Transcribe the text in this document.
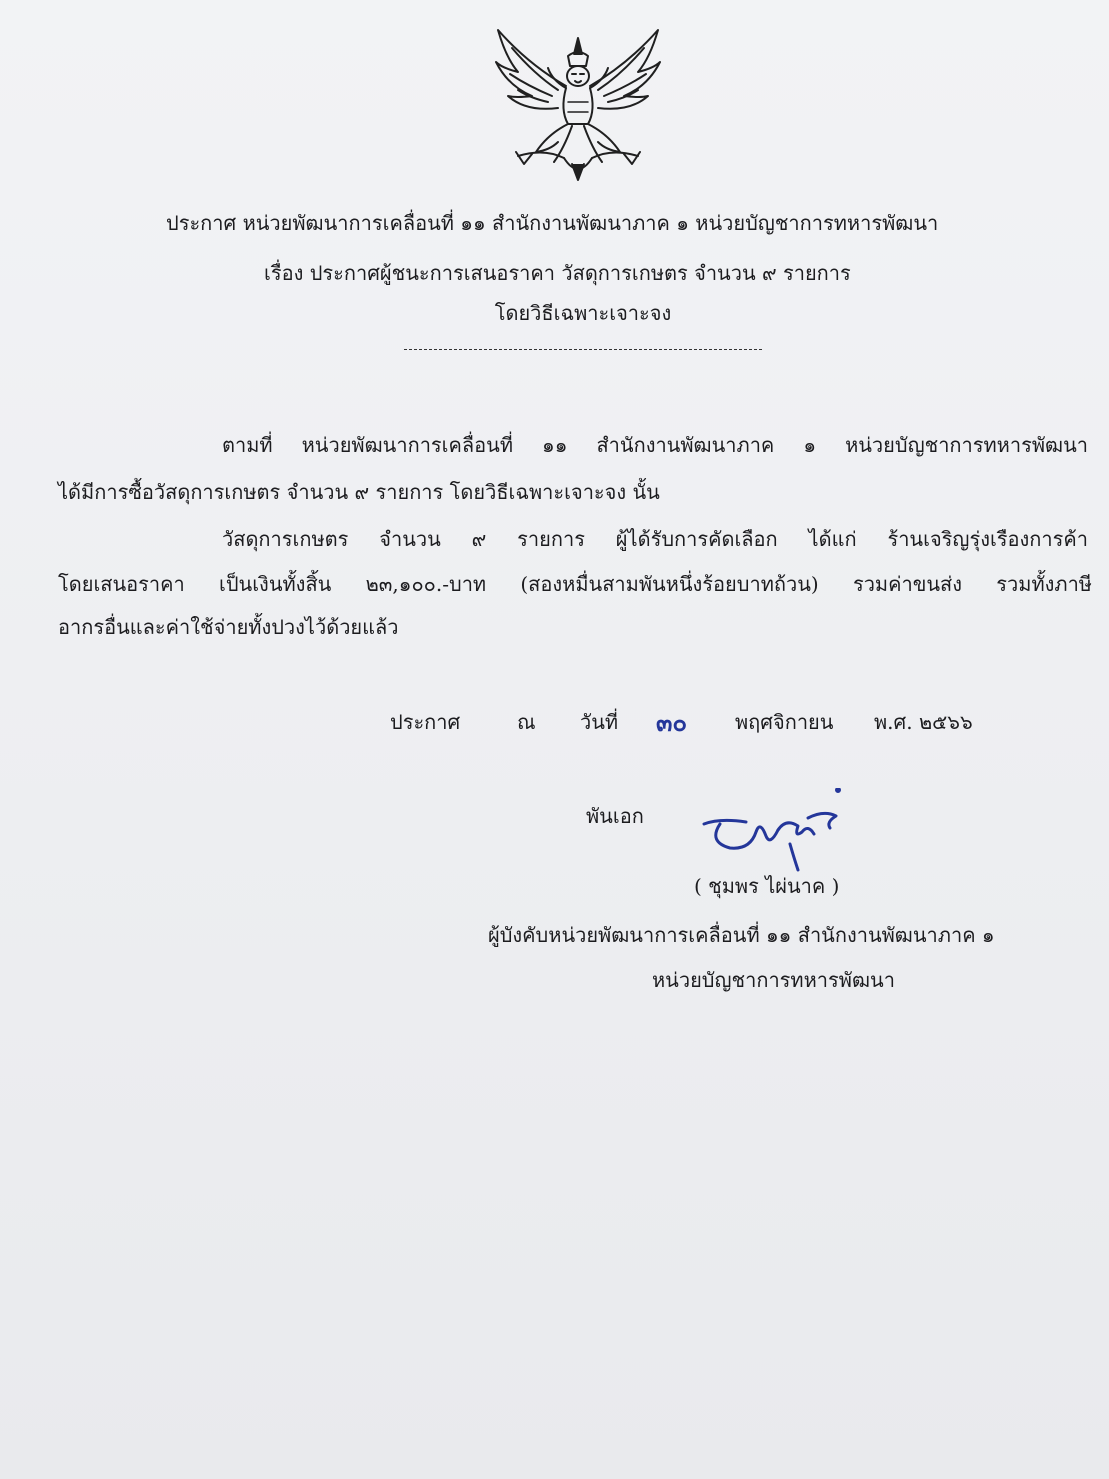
ประกาศ หน่วยพัฒนาการเคลื่อนที่ ๑๑ สำนักงานพัฒนาภาค ๑ หน่วยบัญชาการทหารพัฒนา
เรื่อง ประกาศผู้ชนะการเสนอราคา วัสดุการเกษตร จำนวน ๙ รายการ
โดยวิธีเฉพาะเจาะจง
ตามที่ หน่วยพัฒนาการเคลื่อนที่ ๑๑ สำนักงานพัฒนาภาค ๑ หน่วยบัญชาการทหารพัฒนา
ได้มีการซื้อวัสดุการเกษตร จำนวน ๙ รายการ โดยวิธีเฉพาะเจาะจง นั้น
วัสดุการเกษตร จำนวน ๙ รายการ ผู้ได้รับการคัดเลือก ได้แก่ ร้านเจริญรุ่งเรืองการค้า
โดยเสนอราคา เป็นเงินทั้งสิ้น ๒๓,๑๐๐.-บาท (สองหมื่นสามพันหนึ่งร้อยบาทถ้วน) รวมค่าขนส่ง รวมทั้งภาษี
อากรอื่นและค่าใช้จ่ายทั้งปวงไว้ด้วยแล้ว
ประกาศ	ณ วันที่ ๓๐ พฤศจิกายน พ.ศ. ๒๕๖๖
พันเอก
( ชุมพร ไผ่นาค )
ผู้บังคับหน่วยพัฒนาการเคลื่อนที่ ๑๑ สำนักงานพัฒนาภาค ๑
หน่วยบัญชาการทหารพัฒนา
